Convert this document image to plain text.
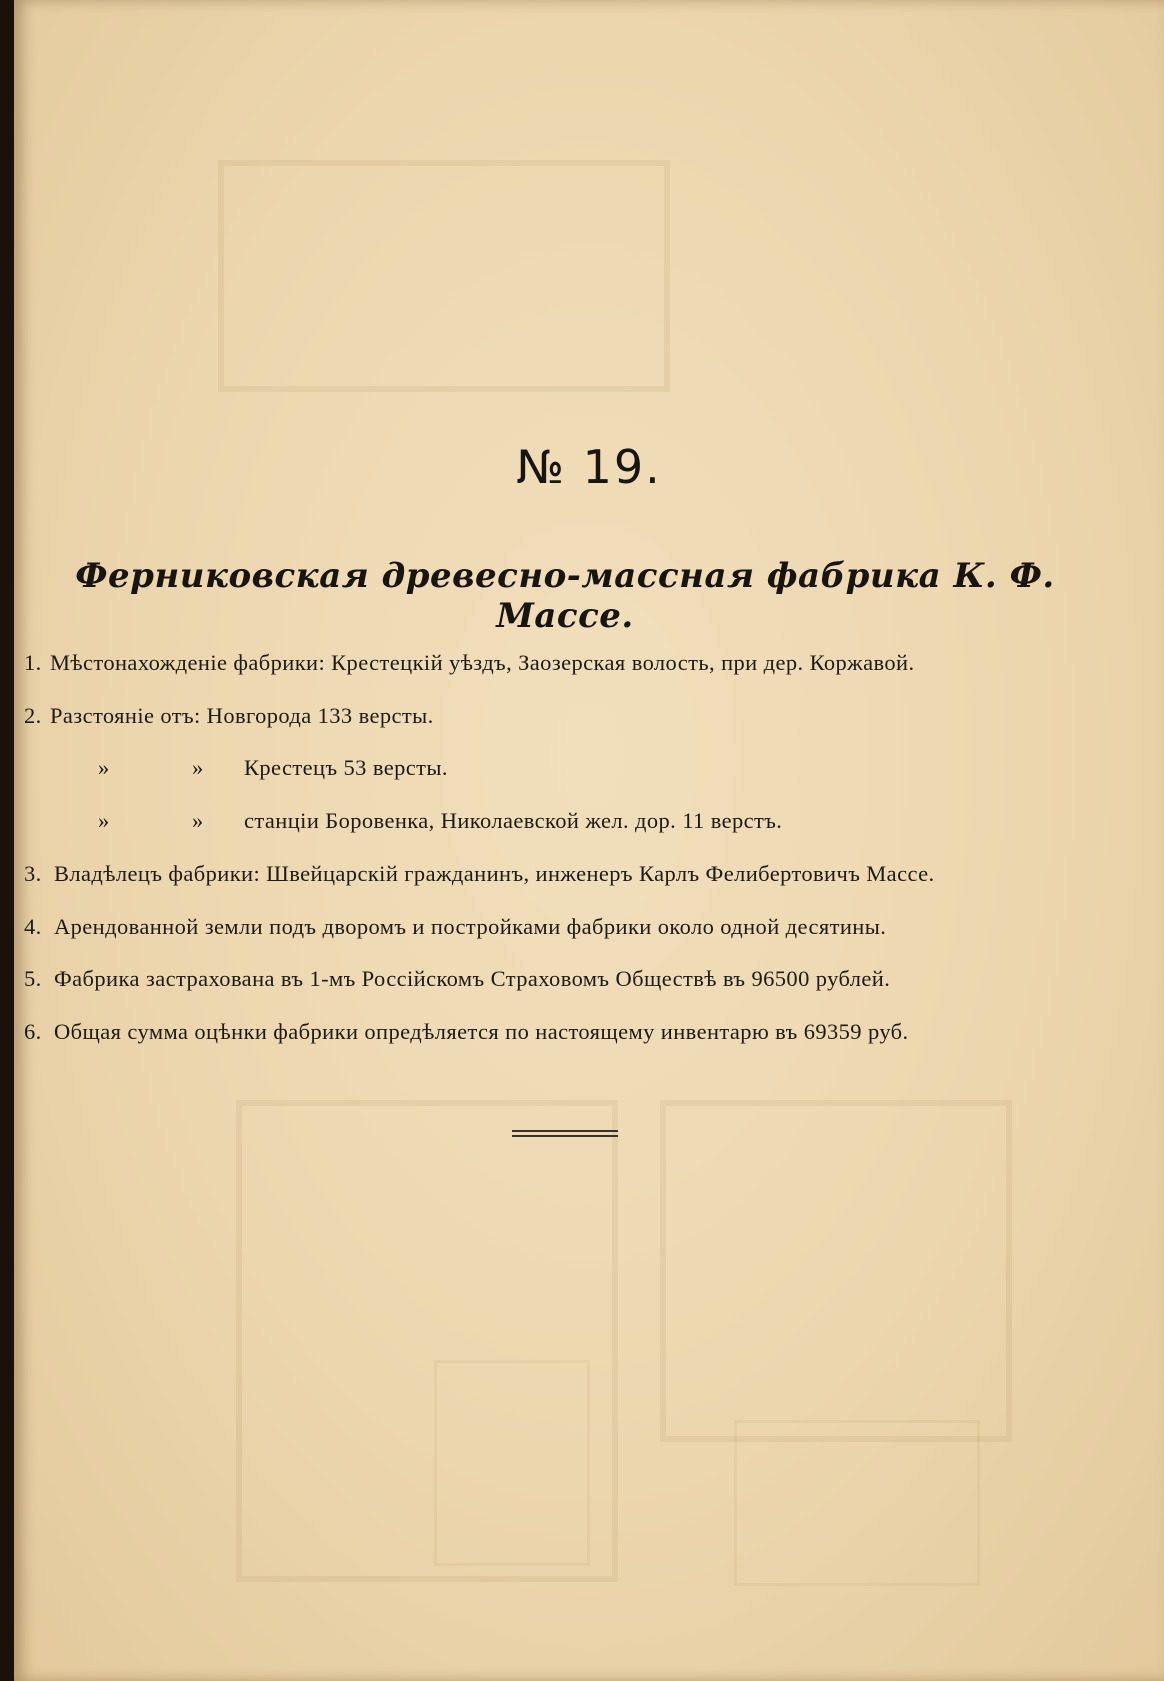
№ 19.
Ферниковская древесно-массная фабрика К. Ф. Массе.
1. Мѣстонахожденіе фабрики: Крестецкій уѣздъ, Заозерская волость, при дер. Коржавой.
2. Разстояніе отъ: Новгорода 133 версты.
»	» Крестецъ 53 версты.
»	» станціи Боровенка, Николаевской жел. дор. 11 верстъ.
3. Владѣлецъ фабрики: Швейцарскій гражданинъ, инженеръ Карлъ Фелибертовичъ Массе.
4. Арендованной земли подъ дворомъ и постройками фабрики около одной десятины.
5. Фабрика застрахована въ 1-мъ Россійскомъ Страховомъ Обществѣ въ 96500 рублей.
6. Общая сумма оцѣнки фабрики опредѣляется по настоящему инвентарю въ 69359 руб.
